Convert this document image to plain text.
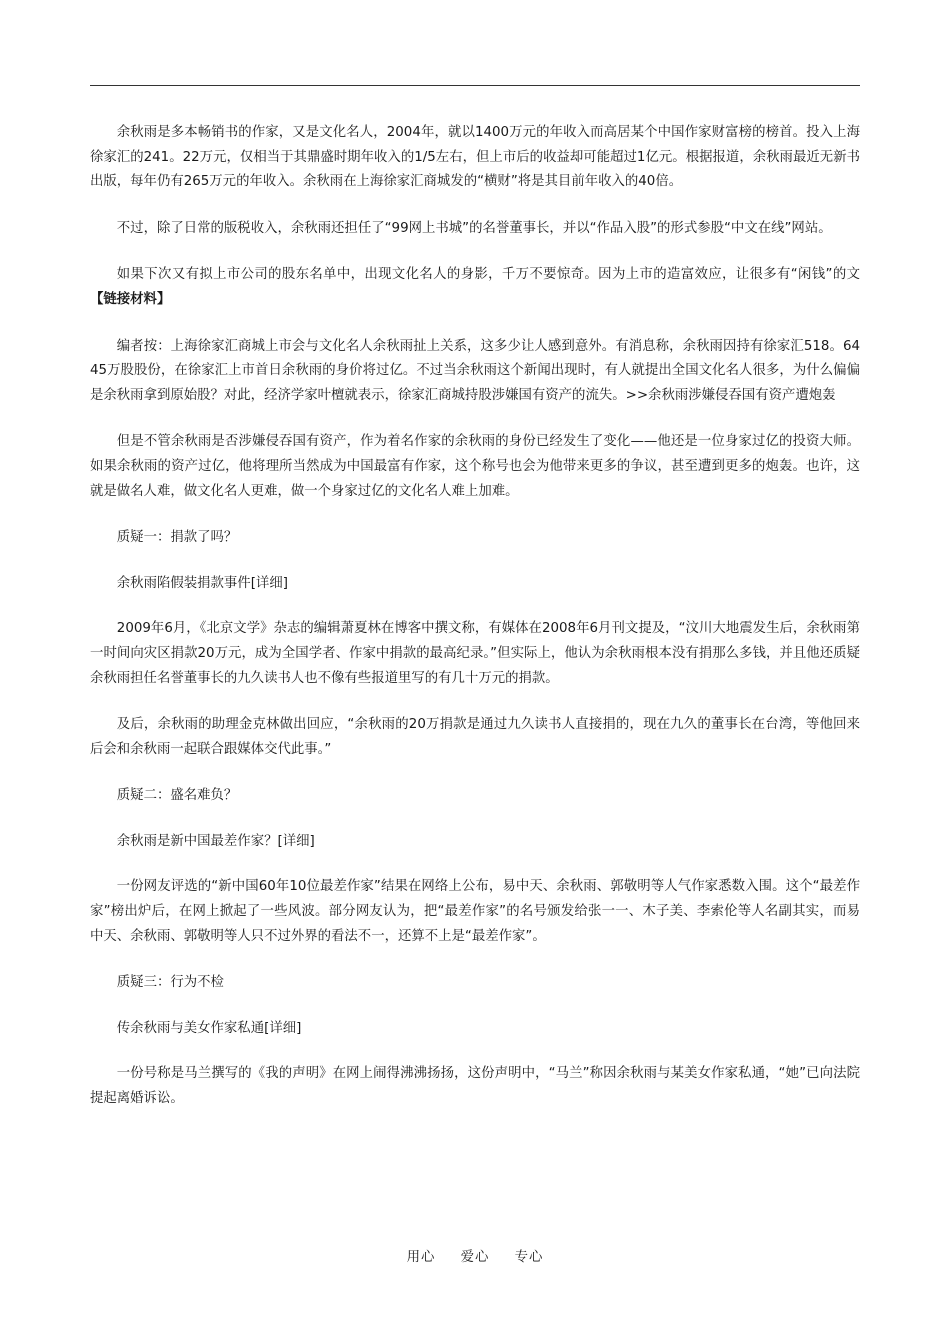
余秋雨是多本畅销书的作家，又是文化名人，2004年，就以1400万元的年收入而高居某个中国作家财富榜的榜首。投入上海徐家汇的241。22万元，仅相当于其鼎盛时期年收入的1/5左右，但上市后的收益却可能超过1亿元。根据报道，余秋雨最近无新书出版，每年仍有265万元的年收入。余秋雨在上海徐家汇商城发的“横财”将是其目前年收入的40倍。

不过，除了日常的版税收入，余秋雨还担任了“99网上书城”的名誉董事长，并以“作品入股”的形式参股“中文在线”网站。

如果下次又有拟上市公司的股东名单中，出现文化名人的身影，千万不要惊奇。因为上市的造富效应，让很多有“闲钱”的文【链接材料】

编者按：上海徐家汇商城上市会与文化名人余秋雨扯上关系，这多少让人感到意外。有消息称，余秋雨因持有徐家汇518。6445万股股份，在徐家汇上市首日余秋雨的身价将过亿。不过当余秋雨这个新闻出现时，有人就提出全国文化名人很多，为什么偏偏是余秋雨拿到原始股？对此，经济学家叶檀就表示，徐家汇商城持股涉嫌国有资产的流失。>>余秋雨涉嫌侵吞国有资产遭炮轰

但是不管余秋雨是否涉嫌侵吞国有资产，作为着名作家的余秋雨的身份已经发生了变化——他还是一位身家过亿的投资大师。如果余秋雨的资产过亿，他将理所当然成为中国最富有作家，这个称号也会为他带来更多的争议，甚至遭到更多的炮轰。也许，这就是做名人难，做文化名人更难，做一个身家过亿的文化名人难上加难。

质疑一：捐款了吗？

余秋雨陷假装捐款事件[详细]

2009年6月，《北京文学》杂志的编辑萧夏林在博客中撰文称，有媒体在2008年6月刊文提及，“汶川大地震发生后，余秋雨第一时间向灾区捐款20万元，成为全国学者、作家中捐款的最高纪录。”但实际上，他认为余秋雨根本没有捐那么多钱，并且他还质疑余秋雨担任名誉董事长的九久读书人也不像有些报道里写的有几十万元的捐款。

及后，余秋雨的助理金克林做出回应，“余秋雨的20万捐款是通过九久读书人直接捐的，现在九久的董事长在台湾，等他回来后会和余秋雨一起联合跟媒体交代此事。”

质疑二：盛名难负？

余秋雨是新中国最差作家？[详细]

一份网友评选的“新中国60年10位最差作家”结果在网络上公布，易中天、余秋雨、郭敬明等人气作家悉数入围。这个“最差作家”榜出炉后，在网上掀起了一些风波。部分网友认为，把“最差作家”的名号颁发给张一一、木子美、李索伦等人名副其实，而易中天、余秋雨、郭敬明等人只不过外界的看法不一，还算不上是“最差作家”。

质疑三：行为不检

传余秋雨与美女作家私通[详细]

一份号称是马兰撰写的《我的声明》在网上闹得沸沸扬扬，这份声明中，“马兰”称因余秋雨与某美女作家私通，“她”已向法院提起离婚诉讼。

用心 爱心 专心
